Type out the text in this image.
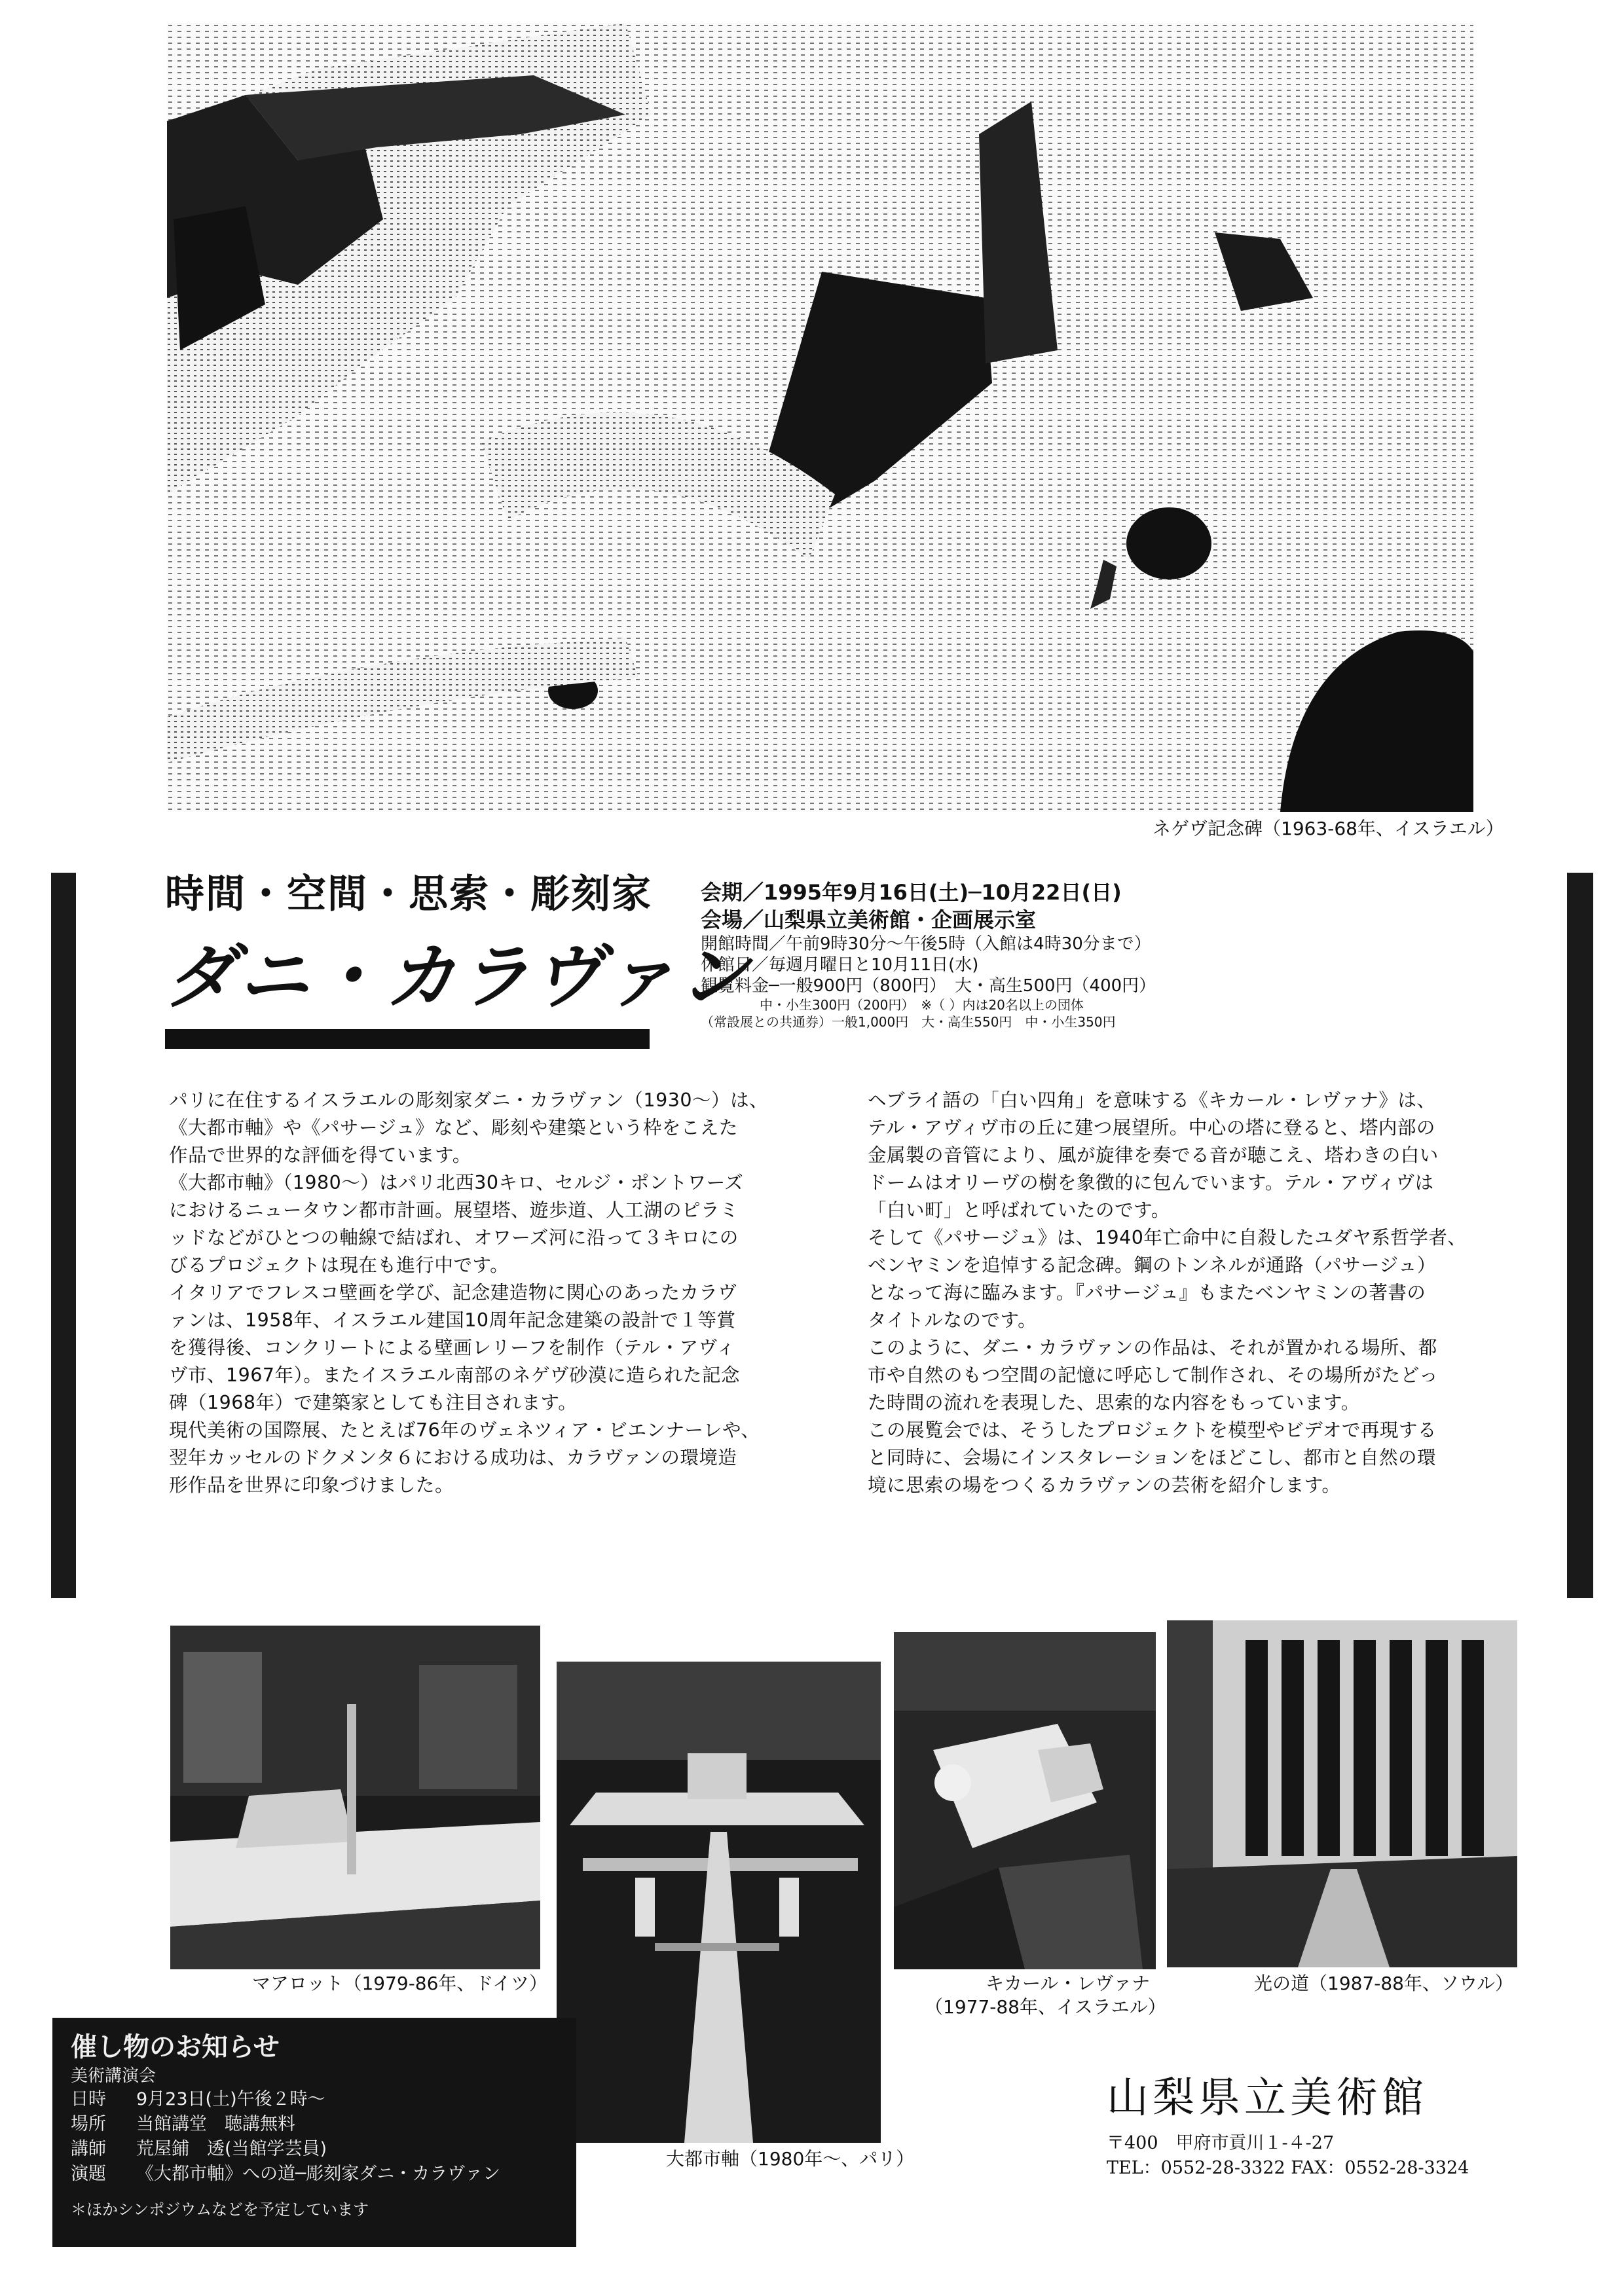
ネゲヴ記念碑（1963-68年、イスラエル）
時間・空間・思索・彫刻家
ダニ・カラヴァン
会期／1995年9月16日(土)─10月22日(日)
会場／山梨県立美術館・企画展示室
開館時間／午前9時30分～午後5時（入館は4時30分まで）
休館日／毎週月曜日と10月11日(水)
観覧料金─一般900円（800円）　大・高生500円（400円）
中・小生300円（200円）　※（ ）内は20名以上の団体
（常設展との共通券）一般1,000円　大・高生550円　中・小生350円

パリに在住するイスラエルの彫刻家ダニ・カラヴァン（1930～）は、

《大都市軸》や《パサージュ》など、彫刻や建築という枠をこえた

作品で世界的な評価を得ています。

《大都市軸》（1980～）はパリ北西30キロ、セルジ・ポントワーズ

におけるニュータウン都市計画。展望塔、遊歩道、人工湖のピラミ

ッドなどがひとつの軸線で結ばれ、オワーズ河に沿って３キロにの

びるプロジェクトは現在も進行中です。

イタリアでフレスコ壁画を学び、記念建造物に関心のあったカラヴ

ァンは、1958年、イスラエル建国10周年記念建築の設計で１等賞

を獲得後、コンクリートによる壁画レリーフを制作（テル・アヴィ

ヴ市、1967年）。またイスラエル南部のネゲヴ砂漠に造られた記念

碑（1968年）で建築家としても注目されます。

現代美術の国際展、たとえば76年のヴェネツィア・ビエンナーレや、

翌年カッセルのドクメンタ６における成功は、カラヴァンの環境造

形作品を世界に印象づけました。

ヘブライ語の「白い四角」を意味する《キカール・レヴァナ》は、

テル・アヴィヴ市の丘に建つ展望所。中心の塔に登ると、塔内部の

金属製の音管により、風が旋律を奏でる音が聴こえ、塔わきの白い

ドームはオリーヴの樹を象徴的に包んでいます。テル・アヴィヴは

「白い町」と呼ばれていたのです。

そして《パサージュ》は、1940年亡命中に自殺したユダヤ系哲学者、

ベンヤミンを追悼する記念碑。鋼のトンネルが通路（パサージュ）

となって海に臨みます。『パサージュ』もまたベンヤミンの著書の

タイトルなのです。

このように、ダニ・カラヴァンの作品は、それが置かれる場所、都

市や自然のもつ空間の記憶に呼応して制作され、その場所がたどっ

た時間の流れを表現した、思索的な内容をもっています。

この展覧会では、そうしたプロジェクトを模型やビデオで再現する

と同時に、会場にインスタレーションをほどこし、都市と自然の環

境に思索の場をつくるカラヴァンの芸術を紹介します。

マアロット（1979-86年、ドイツ）
大都市軸（1980年～、パリ）
キカール・レヴァナ
（1977-88年、イスラエル）
光の道（1987-88年、ソウル）
催し物のお知らせ
美術講演会
日時 9月23日(土)午後２時～
場所 当館講堂　聴講無料
講師 荒屋鋪　透(当館学芸員)
演題 《大都市軸》への道─彫刻家ダニ・カラヴァン
＊ほかシンポジウムなどを予定しています
山梨県立美術館
〒400　甲府市貢川１-４-27
TEL：0552-28-3322 FAX：0552-28-3324
